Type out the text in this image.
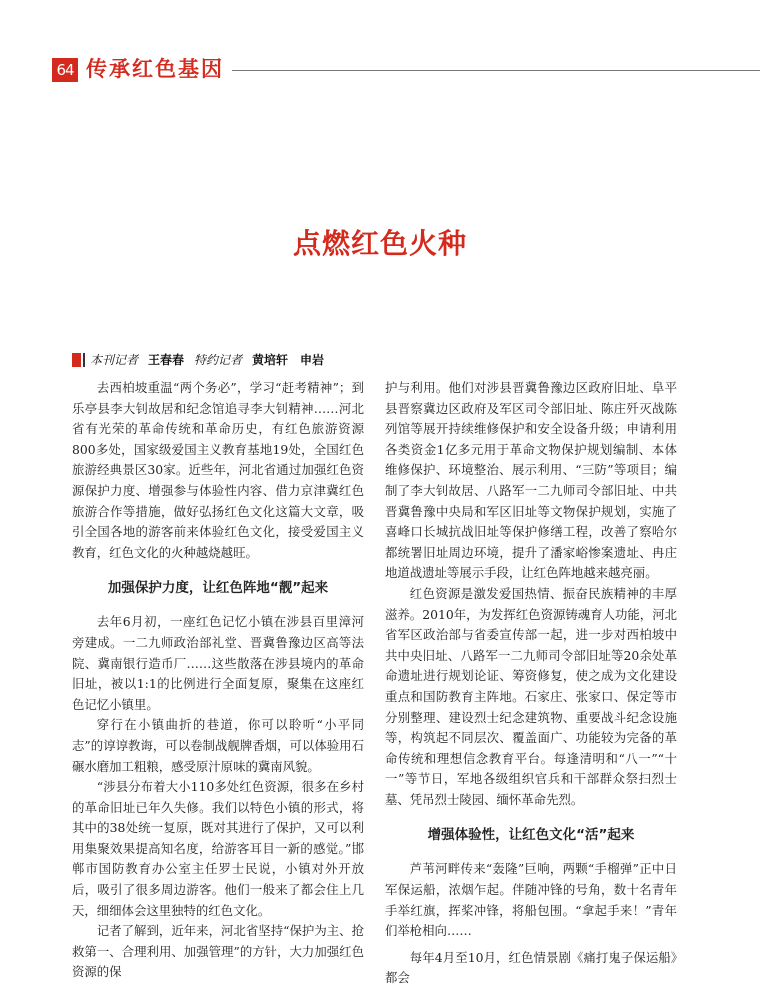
64 传承红色基因
点燃红色火种
本刊记者 王春春 特约记者 黄培轩　申岩

去西柏坡重温“两个务必”，学习“赶考精神”；到乐亭县李大钊故居和纪念馆追寻李大钊精神……河北省有光荣的革命传统和革命历史，有红色旅游资源800多处，国家级爱国主义教育基地19处，全国红色旅游经典景区30家。近些年，河北省通过加强红色资源保护力度、增强参与体验性内容、借力京津冀红色旅游合作等措施，做好弘扬红色文化这篇大文章，吸引全国各地的游客前来体验红色文化，接受爱国主义教育，红色文化的火种越烧越旺。

加强保护力度，让红色阵地“靓”起来

去年6月初，一座红色记忆小镇在涉县百里漳河旁建成。一二九师政治部礼堂、晋冀鲁豫边区高等法院、冀南银行造币厂……这些散落在涉县境内的革命旧址，被以1:1的比例进行全面复原，聚集在这座红色记忆小镇里。

穿行在小镇曲折的巷道，你可以聆听“小平同志”的谆谆教诲，可以卷制战舰牌香烟，可以体验用石碾水磨加工粗粮，感受原汁原味的冀南风貌。

“涉县分布着大小110多处红色资源，很多在乡村的革命旧址已年久失修。我们以特色小镇的形式，将其中的38处统一复原，既对其进行了保护，又可以利用集聚效果提高知名度，给游客耳目一新的感觉。”邯郸市国防教育办公室主任罗士民说，小镇对外开放后，吸引了很多周边游客。他们一般来了都会住上几天，细细体会这里独特的红色文化。

记者了解到，近年来，河北省坚持“保护为主、抢救第一、合理利用、加强管理”的方针，大力加强红色资源的保

护与利用。他们对涉县晋冀鲁豫边区政府旧址、阜平县晋察冀边区政府及军区司令部旧址、陈庄歼灭战陈列馆等展开持续维修保护和安全设备升级；申请利用各类资金1亿多元用于革命文物保护规划编制、本体维修保护、环境整治、展示利用、“三防”等项目；编制了李大钊故居、八路军一二九师司令部旧址、中共晋冀鲁豫中央局和军区旧址等文物保护规划，实施了喜峰口长城抗战旧址等保护修缮工程，改善了察哈尔都统署旧址周边环境，提升了潘家峪惨案遗址、冉庄地道战遗址等展示手段，让红色阵地越来越亮丽。

红色资源是激发爱国热情、振奋民族精神的丰厚滋养。2010年，为发挥红色资源铸魂育人功能，河北省军区政治部与省委宣传部一起，进一步对西柏坡中共中央旧址、八路军一二九师司令部旧址等20余处革命遗址进行规划论证、筹资修复，使之成为文化建设重点和国防教育主阵地。石家庄、张家口、保定等市分别整理、建设烈士纪念建筑物、重要战斗纪念设施等，构筑起不同层次、覆盖面广、功能较为完备的革命传统和理想信念教育平台。每逢清明和“八一”“十一”等节日，军地各级组织官兵和干部群众祭扫烈士墓、凭吊烈士陵园、缅怀革命先烈。

增强体验性，让红色文化“活”起来

芦苇河畔传来“轰隆”巨响，两颗“手榴弹”正中日军保运船，浓烟乍起。伴随冲锋的号角，数十名青年手举红旗，挥桨冲锋，将船包围。“拿起手来！”青年们举枪相向……

每年4月至10月，红色情景剧《痛打鬼子保运船》都会
